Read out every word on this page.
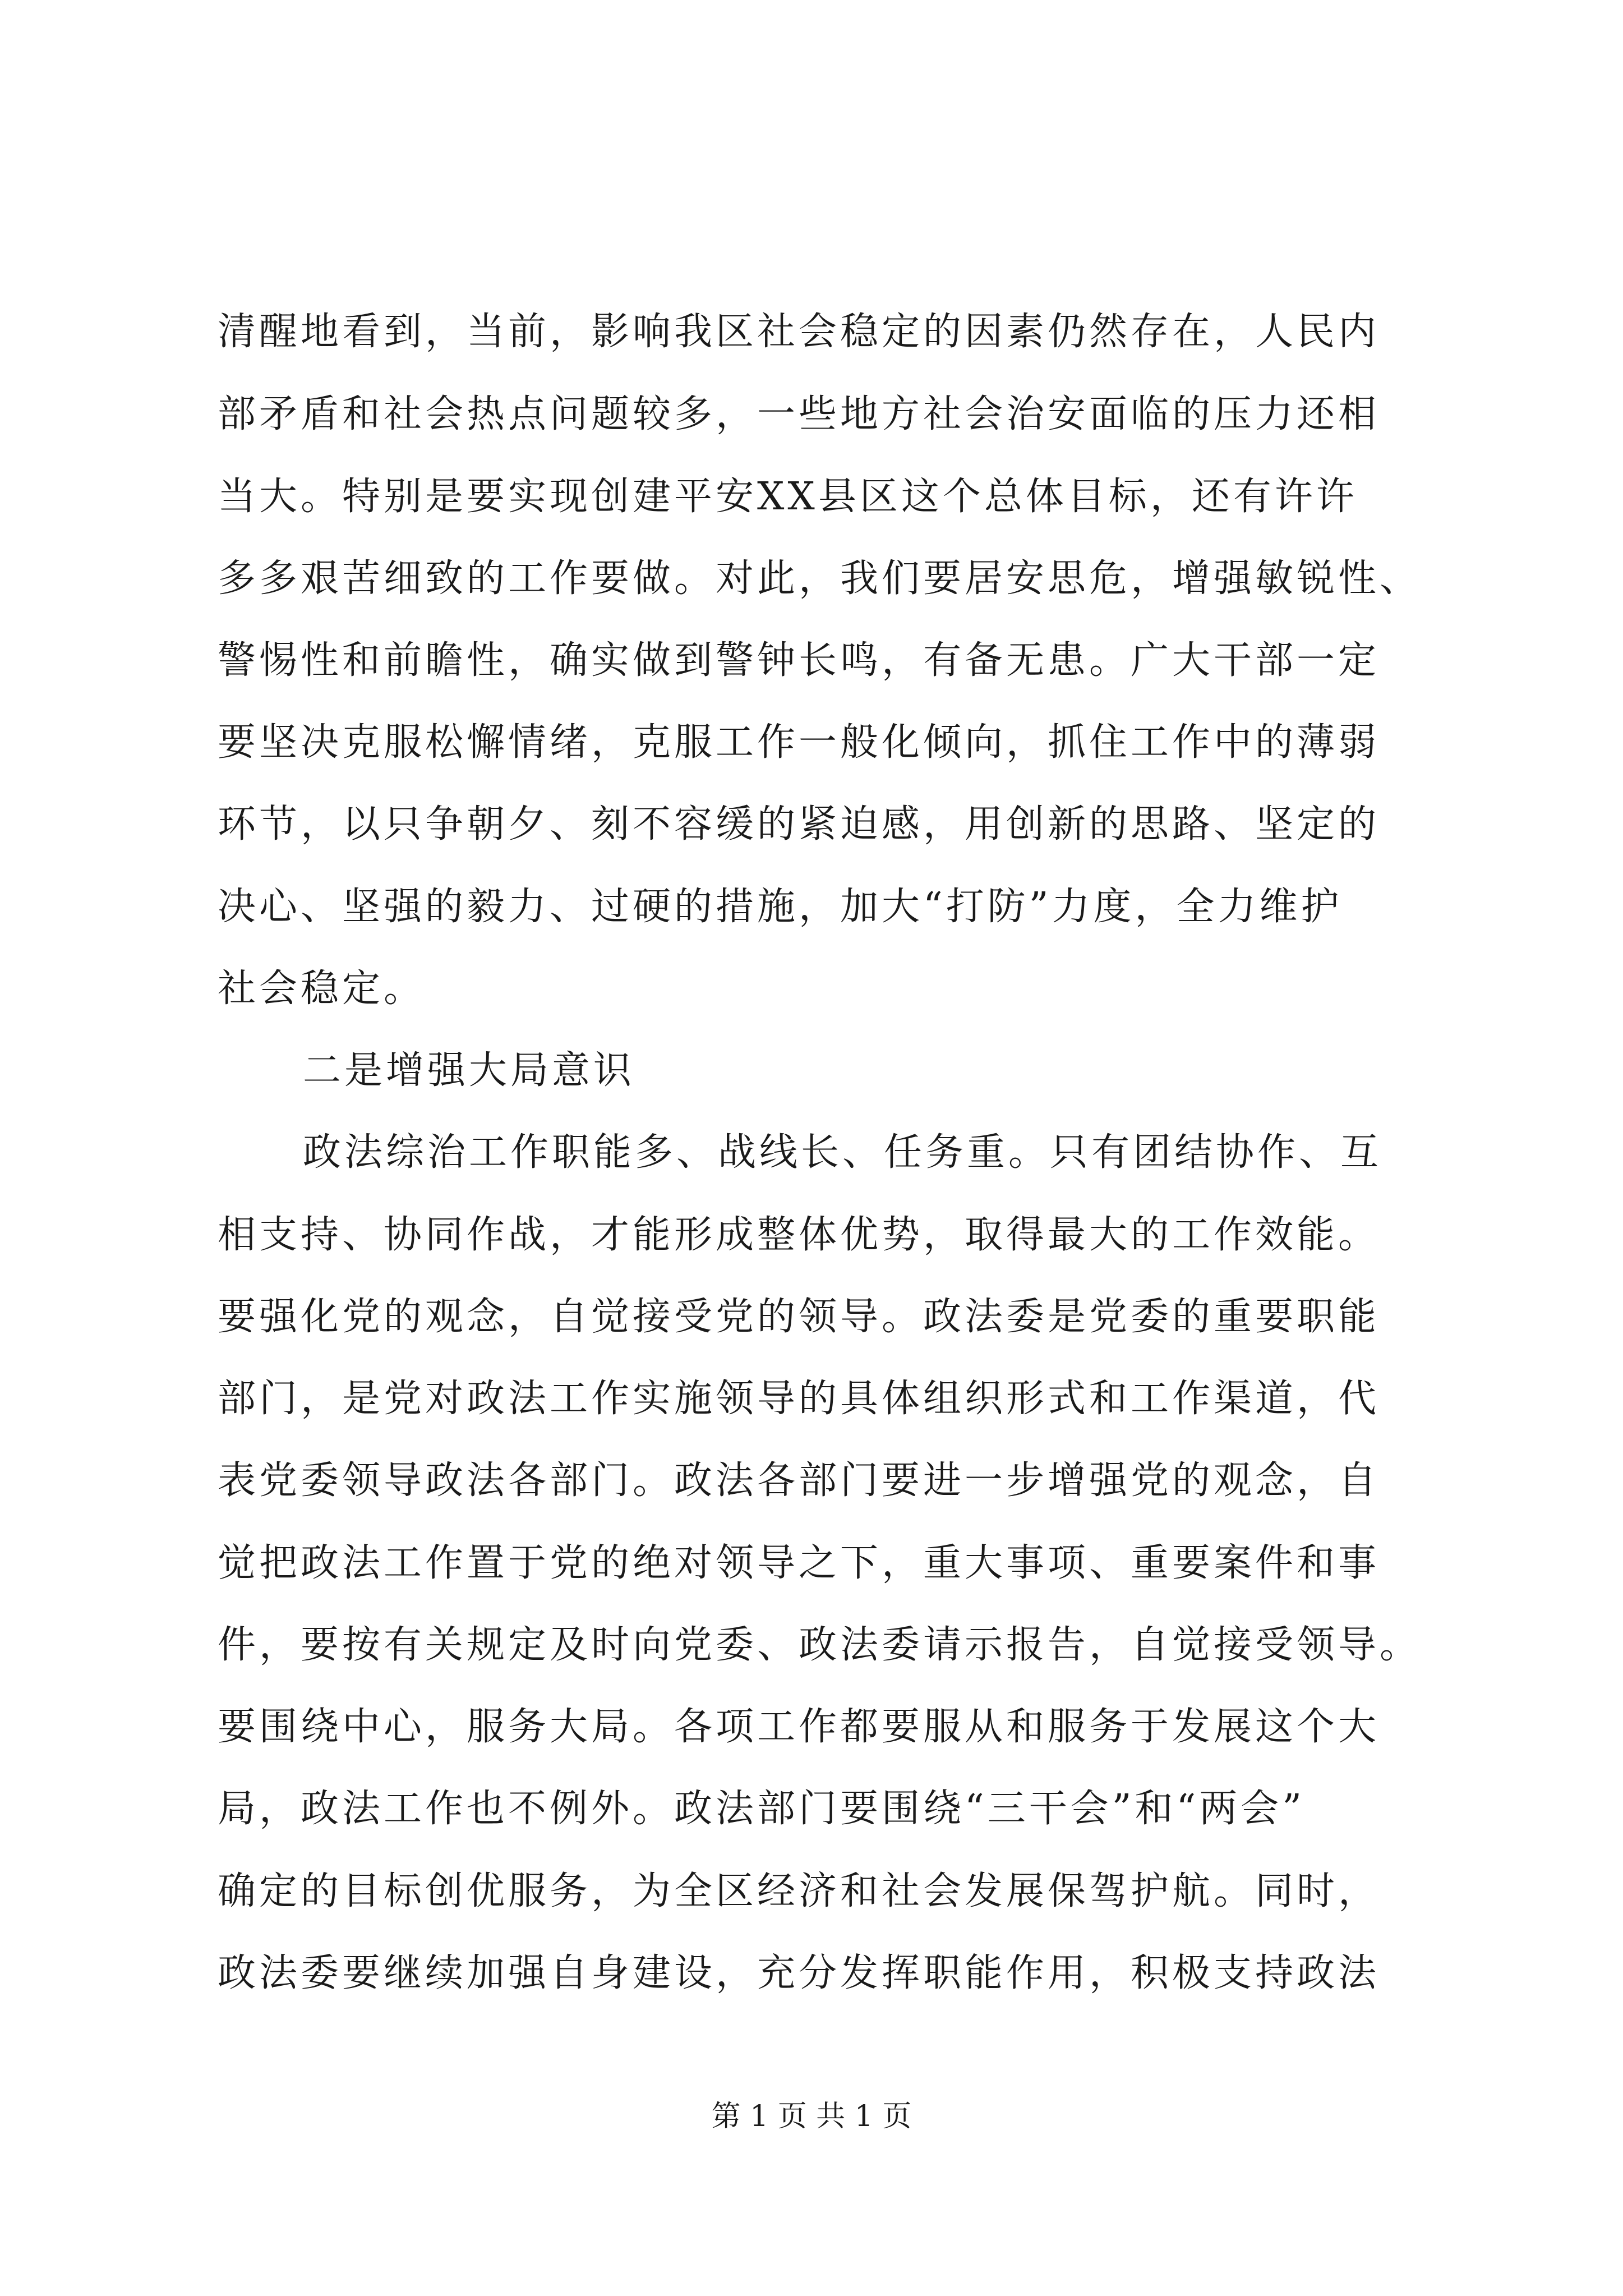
清醒地看到，当前，影响我区社会稳定的因素仍然存在，人民内
部矛盾和社会热点问题较多，一些地方社会治安面临的压力还相
当大。特别是要实现创建平安XX县区这个总体目标，还有许许
多多艰苦细致的工作要做。对此，我们要居安思危，增强敏锐性、
警惕性和前瞻性，确实做到警钟长鸣，有备无患。广大干部一定
要坚决克服松懈情绪，克服工作一般化倾向，抓住工作中的薄弱
环节，以只争朝夕、刻不容缓的紧迫感，用创新的思路、坚定的
决心、坚强的毅力、过硬的措施，加大“打防”力度，全力维护
社会稳定。
二是增强大局意识
政法综治工作职能多、战线长、任务重。只有团结协作、互
相支持、协同作战，才能形成整体优势，取得最大的工作效能。
要强化党的观念，自觉接受党的领导。政法委是党委的重要职能
部门，是党对政法工作实施领导的具体组织形式和工作渠道，代
表党委领导政法各部门。政法各部门要进一步增强党的观念，自
觉把政法工作置于党的绝对领导之下，重大事项、重要案件和事
件，要按有关规定及时向党委、政法委请示报告，自觉接受领导。
要围绕中心，服务大局。各项工作都要服从和服务于发展这个大
局，政法工作也不例外。政法部门要围绕“三干会”和“两会”
确定的目标创优服务，为全区经济和社会发展保驾护航。同时，
政法委要继续加强自身建设，充分发挥职能作用，积极支持政法
第 1 页 共 1 页
